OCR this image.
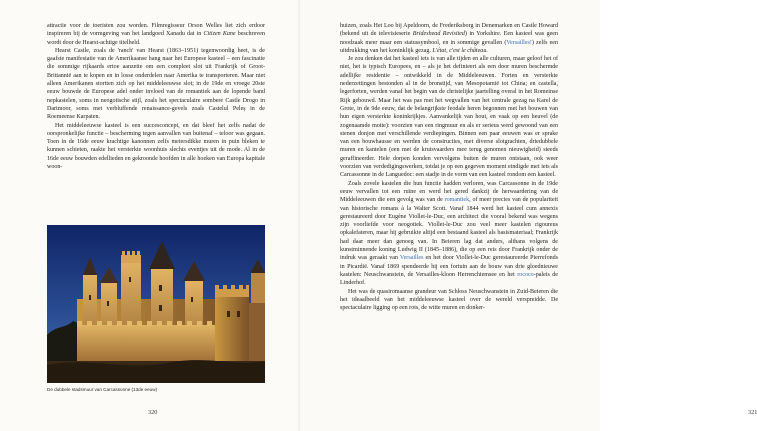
attractie voor de toeristen zou worden. Filmregisseur Orson Welles liet zich erdoor inspireren bij de vormgeving van het landgoed Xanadu dat in Citizen Kane beschreven wordt door de Hearst-achtige titelheld.

Hearst Castle, zoals de 'ranch' van Hearst (1863–1951) tegenwoordig heet, is de gaafste manifestatie van de Amerikaanse hang naar het Europese kasteel – een fascinatie die sommige rijkaards ertoe aanzette om een compleet slot uit Frankrijk of Groot-Brittannië aan te kopen en in losse onderdelen naar Amerika te transporteren. Maar niet alleen Amerikanen stortten zich op het middeleeuwse slot; in de 19de en vroege 20ste eeuw bouwde de Europese adel onder invloed van de romantiek aan de lopende band nepkastelen, soms in neogotische stijl, zoals het spectaculaire sombere Castle Drogo in Dartmoor, soms met verbluffende renaissance-gevels zoals Castelul Peleș in de Roemeense Karpaten.

Het middeleeuwse kasteel is een succesconcept, en dat bleef het zelfs nadat de oorspronkelijke functie – bescherming tegen aanvallen van buitenaf – teloor was gegaan. Toen in de 16de eeuw krachtige kanonnen zelfs metersdikke muren in puin bleken te kunnen schieten, raakte het versterkte woonhuis slechts eventjes uit de mode. Al in de 16de eeuw bouwden edellieden en gekroonde hoofden in alle hoeken van Europa kapitale woon-

De dubbele stadsmuur van Carcassonne (13de eeuw)
320

huizen, zoals Het Loo bij Apeldoorn, de Frederiksborg in Denemarken en Castle Howard (bekend uit de televisieserie Brideshead Revisited) in Yorkshire. Een kasteel was geen noodzaak meer maar een statussymbool, en in sommige gevallen (Versailles!) zelfs een uitdrukking van het koninklijk gezag. L'état, c'est le château.

Je zou denken dat het kasteel iets is van alle tijden en alle culturen, maar geloof het of niet, het is typisch Europees, en – als je het definieert als een door muren beschermde adellijke residentie – ontwikkeld in de Middeleeuwen. Forten en versterkte nederzettingen bestonden al in de bronstijd, van Mesopotamië tot China; en castella, legerforten, werden vanaf het begin van de christelijke jaartelling overal in het Romeinse Rijk gebouwd. Maar het was pas met het wegvallen van het centrale gezag na Karel de Grote, in de 9de eeuw, dat de belangrijkste feodale heren begonnen met het bouwen van hun eigen versterkte koninkrijkjes. Aanvankelijk van hout, en vaak op een heuvel (de zogenaamde motte): voorzien van een ringmuur en als er serieus werd gewoond van een stenen donjon met verschillende verdiepingen. Binnen een paar eeuwen was er sprake van een bouwhausse en werden de constructies, met diverse slotgrachten, driedubbele muren en kantelen (een met de kruisvaarders mee terug genomen nieuwigheid) steeds geraffineerder. Hele dorpen konden vervolgens buiten de muren ontstaan, ook weer voorzien van verdedigingswerken, totdat je op een gegeven moment eindigde met iets als Carcassonne in de Languedoc: een stadje in de vorm van een kasteel rondom een kasteel.

Zoals zovele kastelen die hun functie hadden verloren, was Carcassonne in de 19de eeuw vervallen tot een ruïne en werd het gered dankzij de herwaardering van de Middeleeuwen die een gevolg was van de romantiek, of meer precies van de populariteit van historische romans à la Walter Scott. Vanaf 1844 werd het kasteel cum annexis gerestaureerd door Eugène Viollet-le-Duc, een architect die vooral bekend was wegens zijn voorliefde voor neogotiek. Viollet-le-Duc zou veel meer kastelen rigoureus opkalefateren, maar hij gebruikte altijd een bestaand kasteel als basismateriaal; Frankrijk had daar meer dan genoeg van. In Beieren lag dat anders, althans volgens de kunstminnende koning Ludwig II (1845–1886), die op een reis door Frankrijk onder de indruk was geraakt van Versailles en het door Viollet-le-Duc gerestaureerde Pierrefonds in Picardië. Vanaf 1869 spendeerde hij een fortuin aan de bouw van drie gloednieuwe kastelen: Neuschwanstein, de Versailles-kloon Herrenchiemsee en het rococo-paleis de Linderhof.

Het was de quasiromaanse grandeur van Schloss Neuschwanstein in Zuid-Beieren die het ideaalbeeld van het middeleeuwse kasteel over de wereld verspreidde. De spectaculaire ligging op een rots, de witte muren en donker-

321
